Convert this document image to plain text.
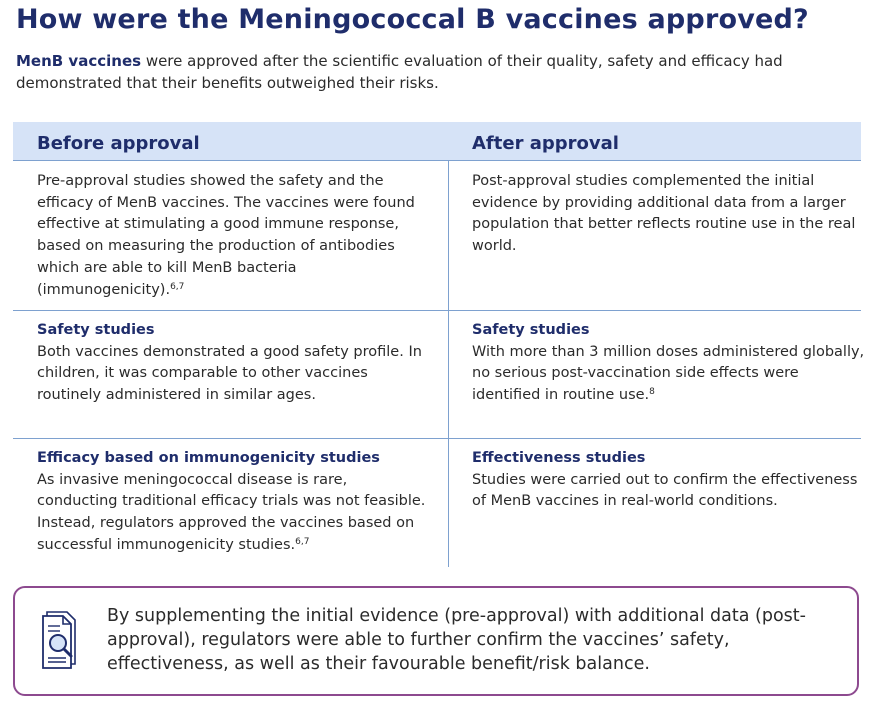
How were the Meningococcal B vaccines approved?

MenB vaccines were approved after the scientific evaluation of their quality, safety and efficacy had demonstrated that their benefits outweighed their risks.

Before approval	After approval
Pre-approval studies showed the safety and the efficacy of MenB vaccines. The vaccines were found effective at stimulating a good immune response, based on measuring the production of antibodies which are able to kill MenB bacteria (immunogenicity).$^{6,7}$
Post-approval studies complemented the initial evidence by providing additional data from a larger population that better reflects routine use in the real world.
Safety studies
Both vaccines demonstrated a good safety profile. In children, it was comparable to other vaccines routinely administered in similar ages.
Safety studies
With more than 3 million doses administered globally, no serious post-vaccination side effects were identified in routine use.$^8$
Efficacy based on immunogenicity studies
As invasive meningococcal disease is rare, conducting traditional efficacy trials was not feasible. Instead, regulators approved the vaccines based on successful immunogenicity studies.$^{6,7}$
Effectiveness studies
Studies were carried out to confirm the effectiveness of MenB vaccines in real-world conditions.
By supplementing the initial evidence (pre-approval) with additional data (post-approval), regulators were able to further confirm the vaccines’ safety, effectiveness, as well as their favourable benefit/risk balance.
